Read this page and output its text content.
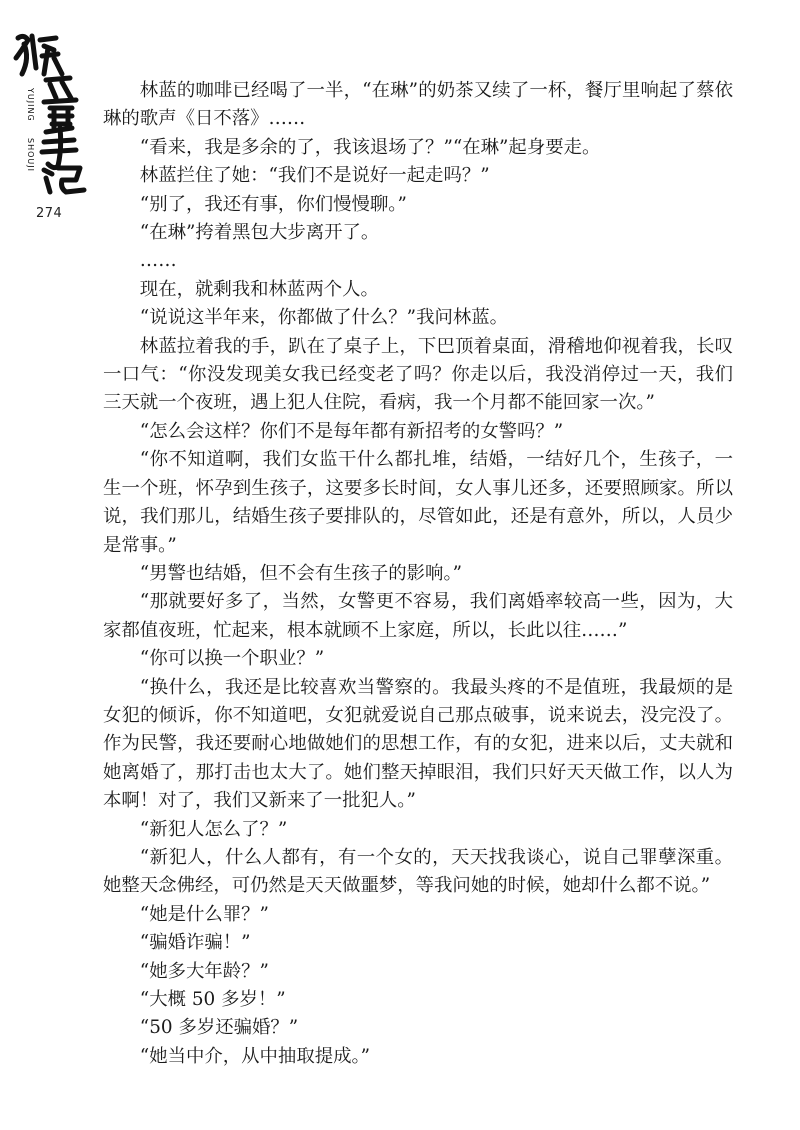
YUJING
SHOUJI
274

林蓝的咖啡已经喝了一半，“在琳”的奶茶又续了一杯，餐厅里响起了蔡依琳的歌声《日不落》……

“看来，我是多余的了，我该退场了？”“在琳”起身要走。

林蓝拦住了她：“我们不是说好一起走吗？”

“别了，我还有事，你们慢慢聊。”

“在琳”挎着黑包大步离开了。

……

现在，就剩我和林蓝两个人。

“说说这半年来，你都做了什么？”我问林蓝。

林蓝拉着我的手，趴在了桌子上，下巴顶着桌面，滑稽地仰视着我，长叹一口气：“你没发现美女我已经变老了吗？你走以后，我没消停过一天，我们三天就一个夜班，遇上犯人住院，看病，我一个月都不能回家一次。”

“怎么会这样？你们不是每年都有新招考的女警吗？”

“你不知道啊，我们女监干什么都扎堆，结婚，一结好几个，生孩子，一生一个班，怀孕到生孩子，这要多长时间，女人事儿还多，还要照顾家。所以说，我们那儿，结婚生孩子要排队的，尽管如此，还是有意外，所以，人员少是常事。”

“男警也结婚，但不会有生孩子的影响。”

“那就要好多了，当然，女警更不容易，我们离婚率较高一些，因为，大家都值夜班，忙起来，根本就顾不上家庭，所以，长此以往……”

“你可以换一个职业？”

“换什么，我还是比较喜欢当警察的。我最头疼的不是值班，我最烦的是女犯的倾诉，你不知道吧，女犯就爱说自己那点破事，说来说去，没完没了。作为民警，我还要耐心地做她们的思想工作，有的女犯，进来以后，丈夫就和她离婚了，那打击也太大了。她们整天掉眼泪，我们只好天天做工作，以人为本啊！对了，我们又新来了一批犯人。”

“新犯人怎么了？”

“新犯人，什么人都有，有一个女的，天天找我谈心，说自己罪孽深重。她整天念佛经，可仍然是天天做噩梦，等我问她的时候，她却什么都不说。”

“她是什么罪？”

“骗婚诈骗！”

“她多大年龄？”

“大概 50 多岁！”

“50 多岁还骗婚？”

“她当中介，从中抽取提成。”
